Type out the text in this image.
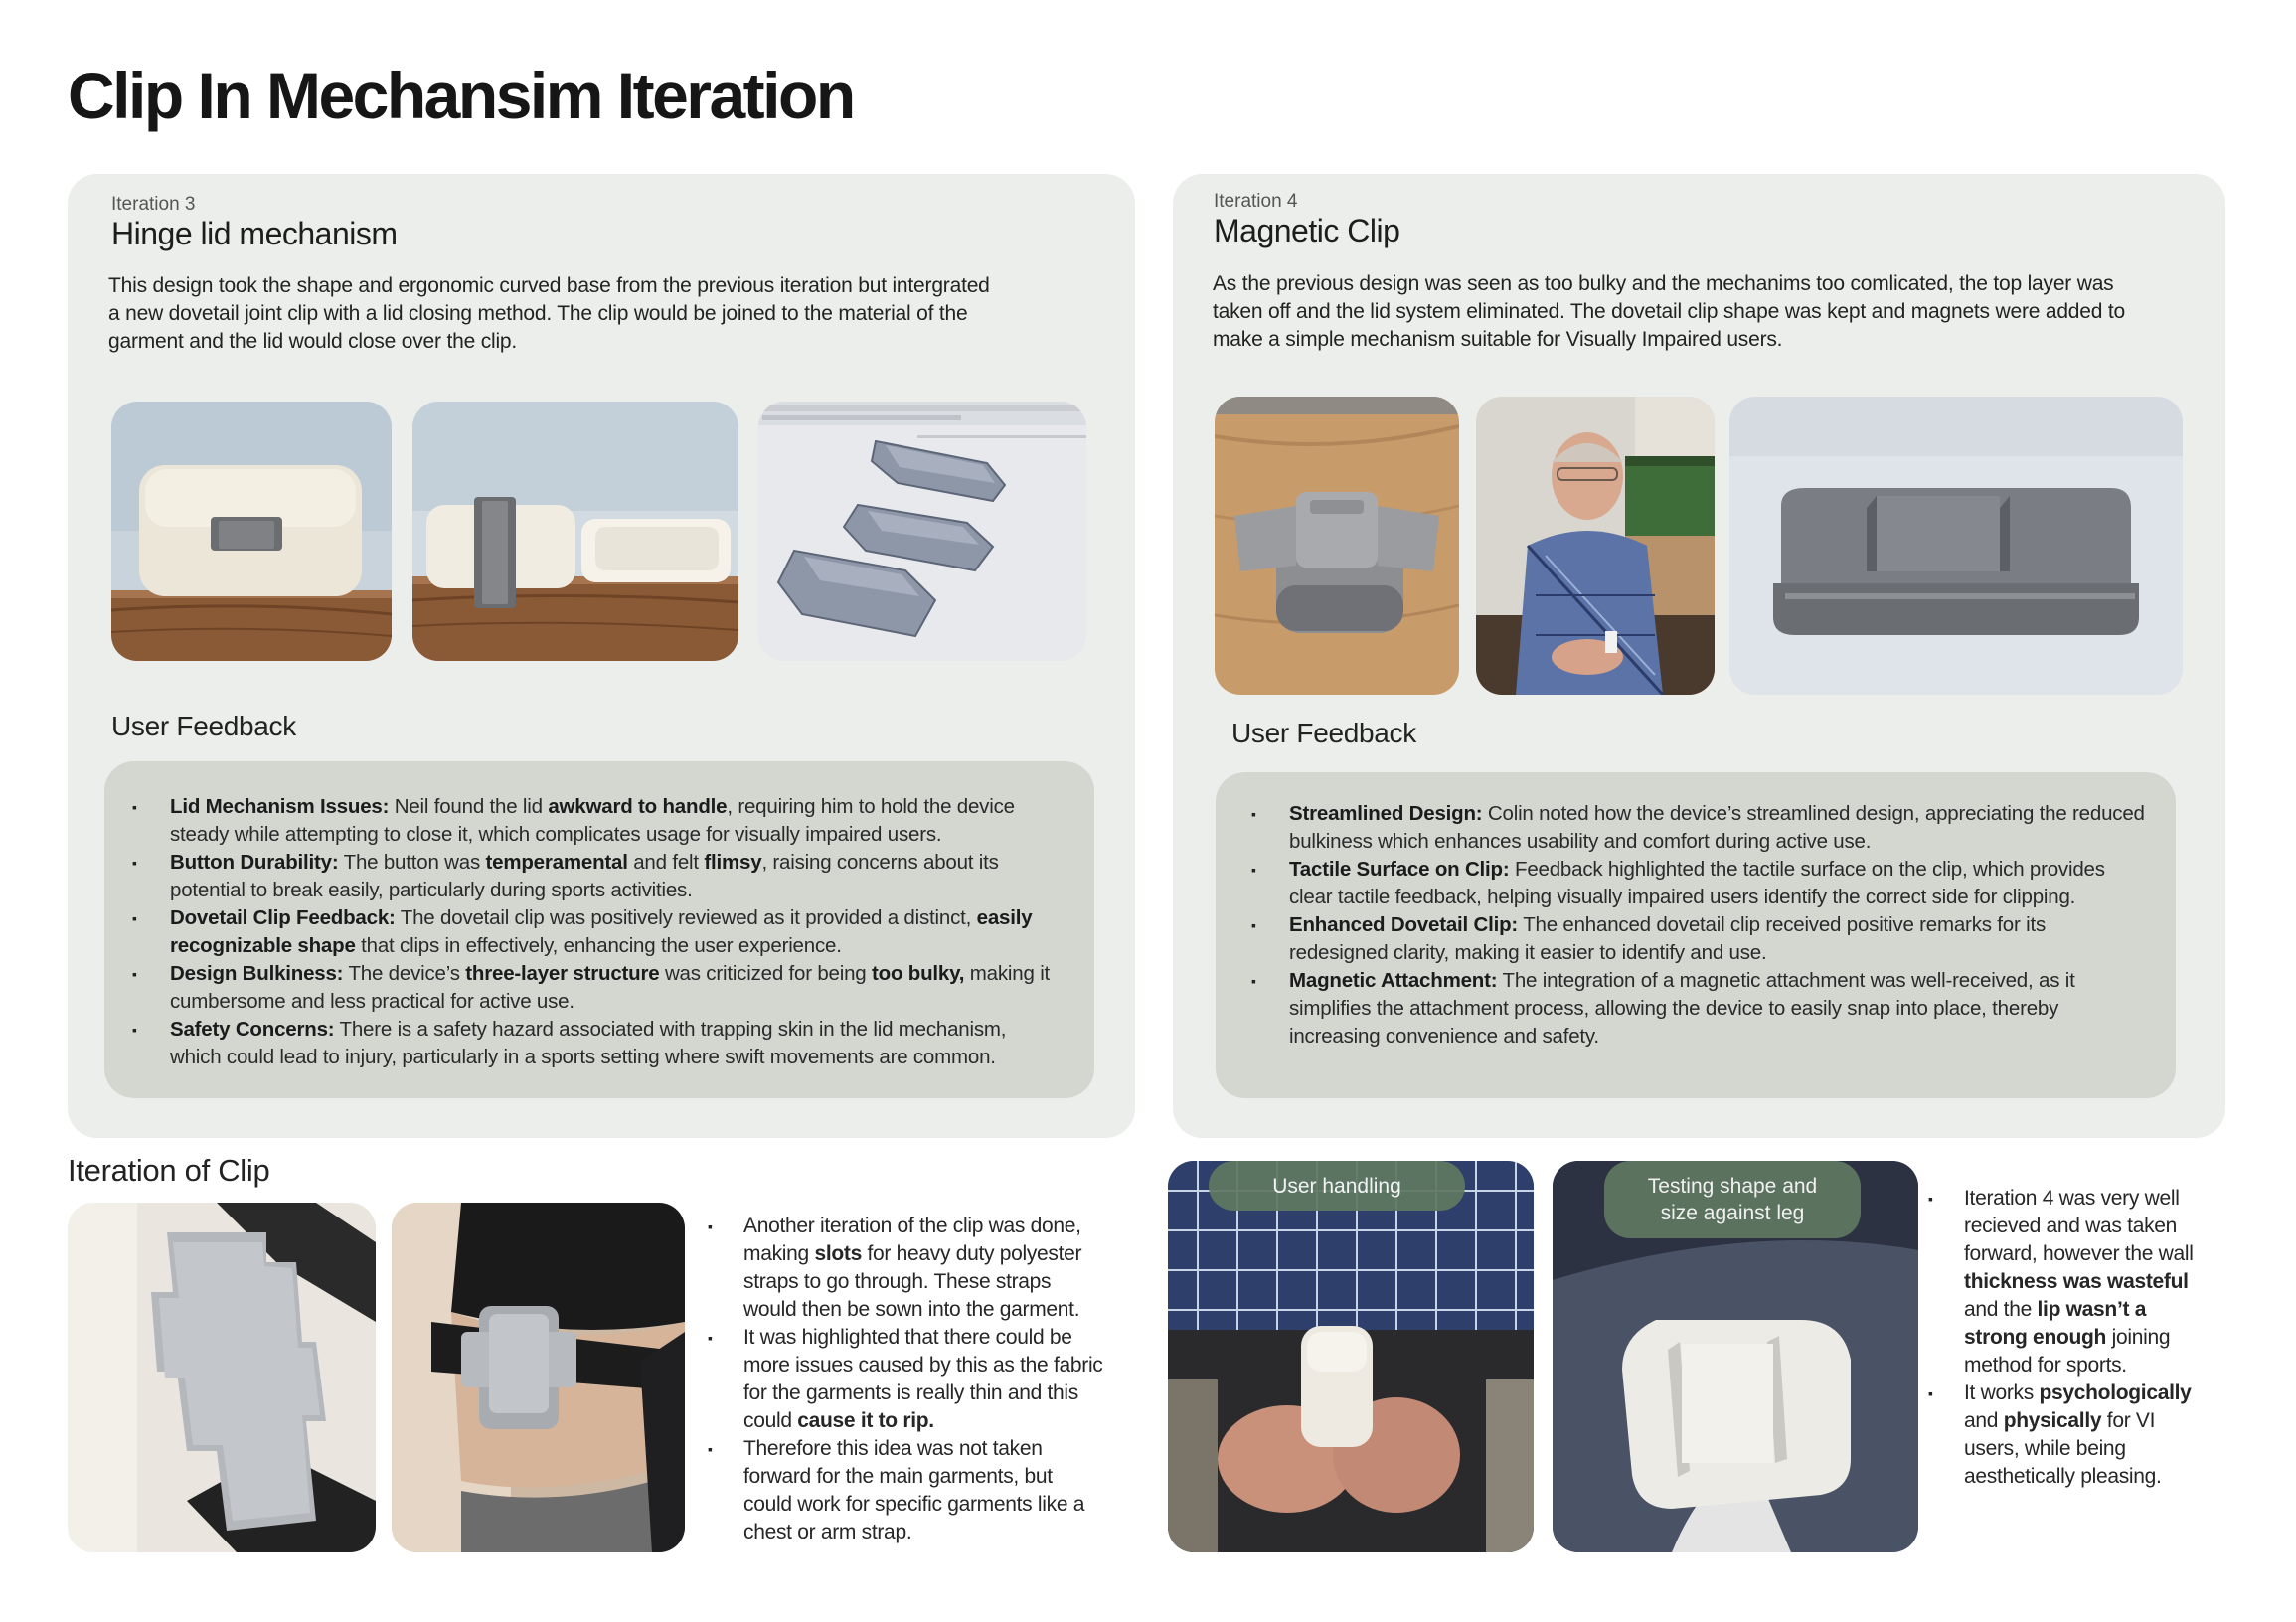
Clip In Mechansim Iteration
Iteration 3
Hinge lid mechanism
This design took the shape and ergonomic curved base from the previous iteration but intergrated a new dovetail joint clip with a lid closing method. The clip would be joined to the material of the garment and the lid would close over the clip.
User Feedback
▪ Lid Mechanism Issues: Neil found the lid awkward to handle, requiring him to hold the device steady while attempting to close it, which complicates usage for visually impaired users.
▪ Button Durability: The button was temperamental and felt flimsy, raising concerns about its potential to break easily, particularly during sports activities.
▪ Dovetail Clip Feedback: The dovetail clip was positively reviewed as it provided a distinct, easily recognizable shape that clips in effectively, enhancing the user experience.
▪ Design Bulkiness: The device’s three-layer structure was criticized for being too bulky, making it cumbersome and less practical for active use.
▪ Safety Concerns: There is a safety hazard associated with trapping skin in the lid mechanism, which could lead to injury, particularly in a sports setting where swift movements are common.
Iteration 4
Magnetic Clip
As the previous design was seen as too bulky and the mechanims too comlicated, the top layer was taken off and the lid system eliminated. The dovetail clip shape was kept and magnets were added to make a simple mechanism suitable for Visually Impaired users.
User Feedback
▪ Streamlined Design: Colin noted how the device’s streamlined design, appreciating the reduced bulkiness which enhances usability and comfort during active use.
▪ Tactile Surface on Clip: Feedback highlighted the tactile surface on the clip, which provides clear tactile feedback, helping visually impaired users identify the correct side for clipping.
▪ Enhanced Dovetail Clip: The enhanced dovetail clip received positive remarks for its redesigned clarity, making it easier to identify and use.
▪ Magnetic Attachment: The integration of a magnetic attachment was well-received, as it simplifies the attachment process, allowing the device to easily snap into place, thereby increasing convenience and safety.
Iteration of Clip
▪ Another iteration of the clip was done, making slots for heavy duty polyester straps to go through. These straps would then be sown into the garment.
▪ It was highlighted that there could be more issues caused by this as the fabric for the garments is really thin and this could cause it to rip.
▪ Therefore this idea was not taken forward for the main garments, but could work for specific garments like a chest or arm strap.
User handling	Testing shape and size against leg
▪ Iteration 4 was very well recieved and was taken forward, however the wall thickness was wasteful and the lip wasn’t a strong enough joining method for sports.
▪ It works psychologically and physically for VI users, while being aesthetically pleasing.
